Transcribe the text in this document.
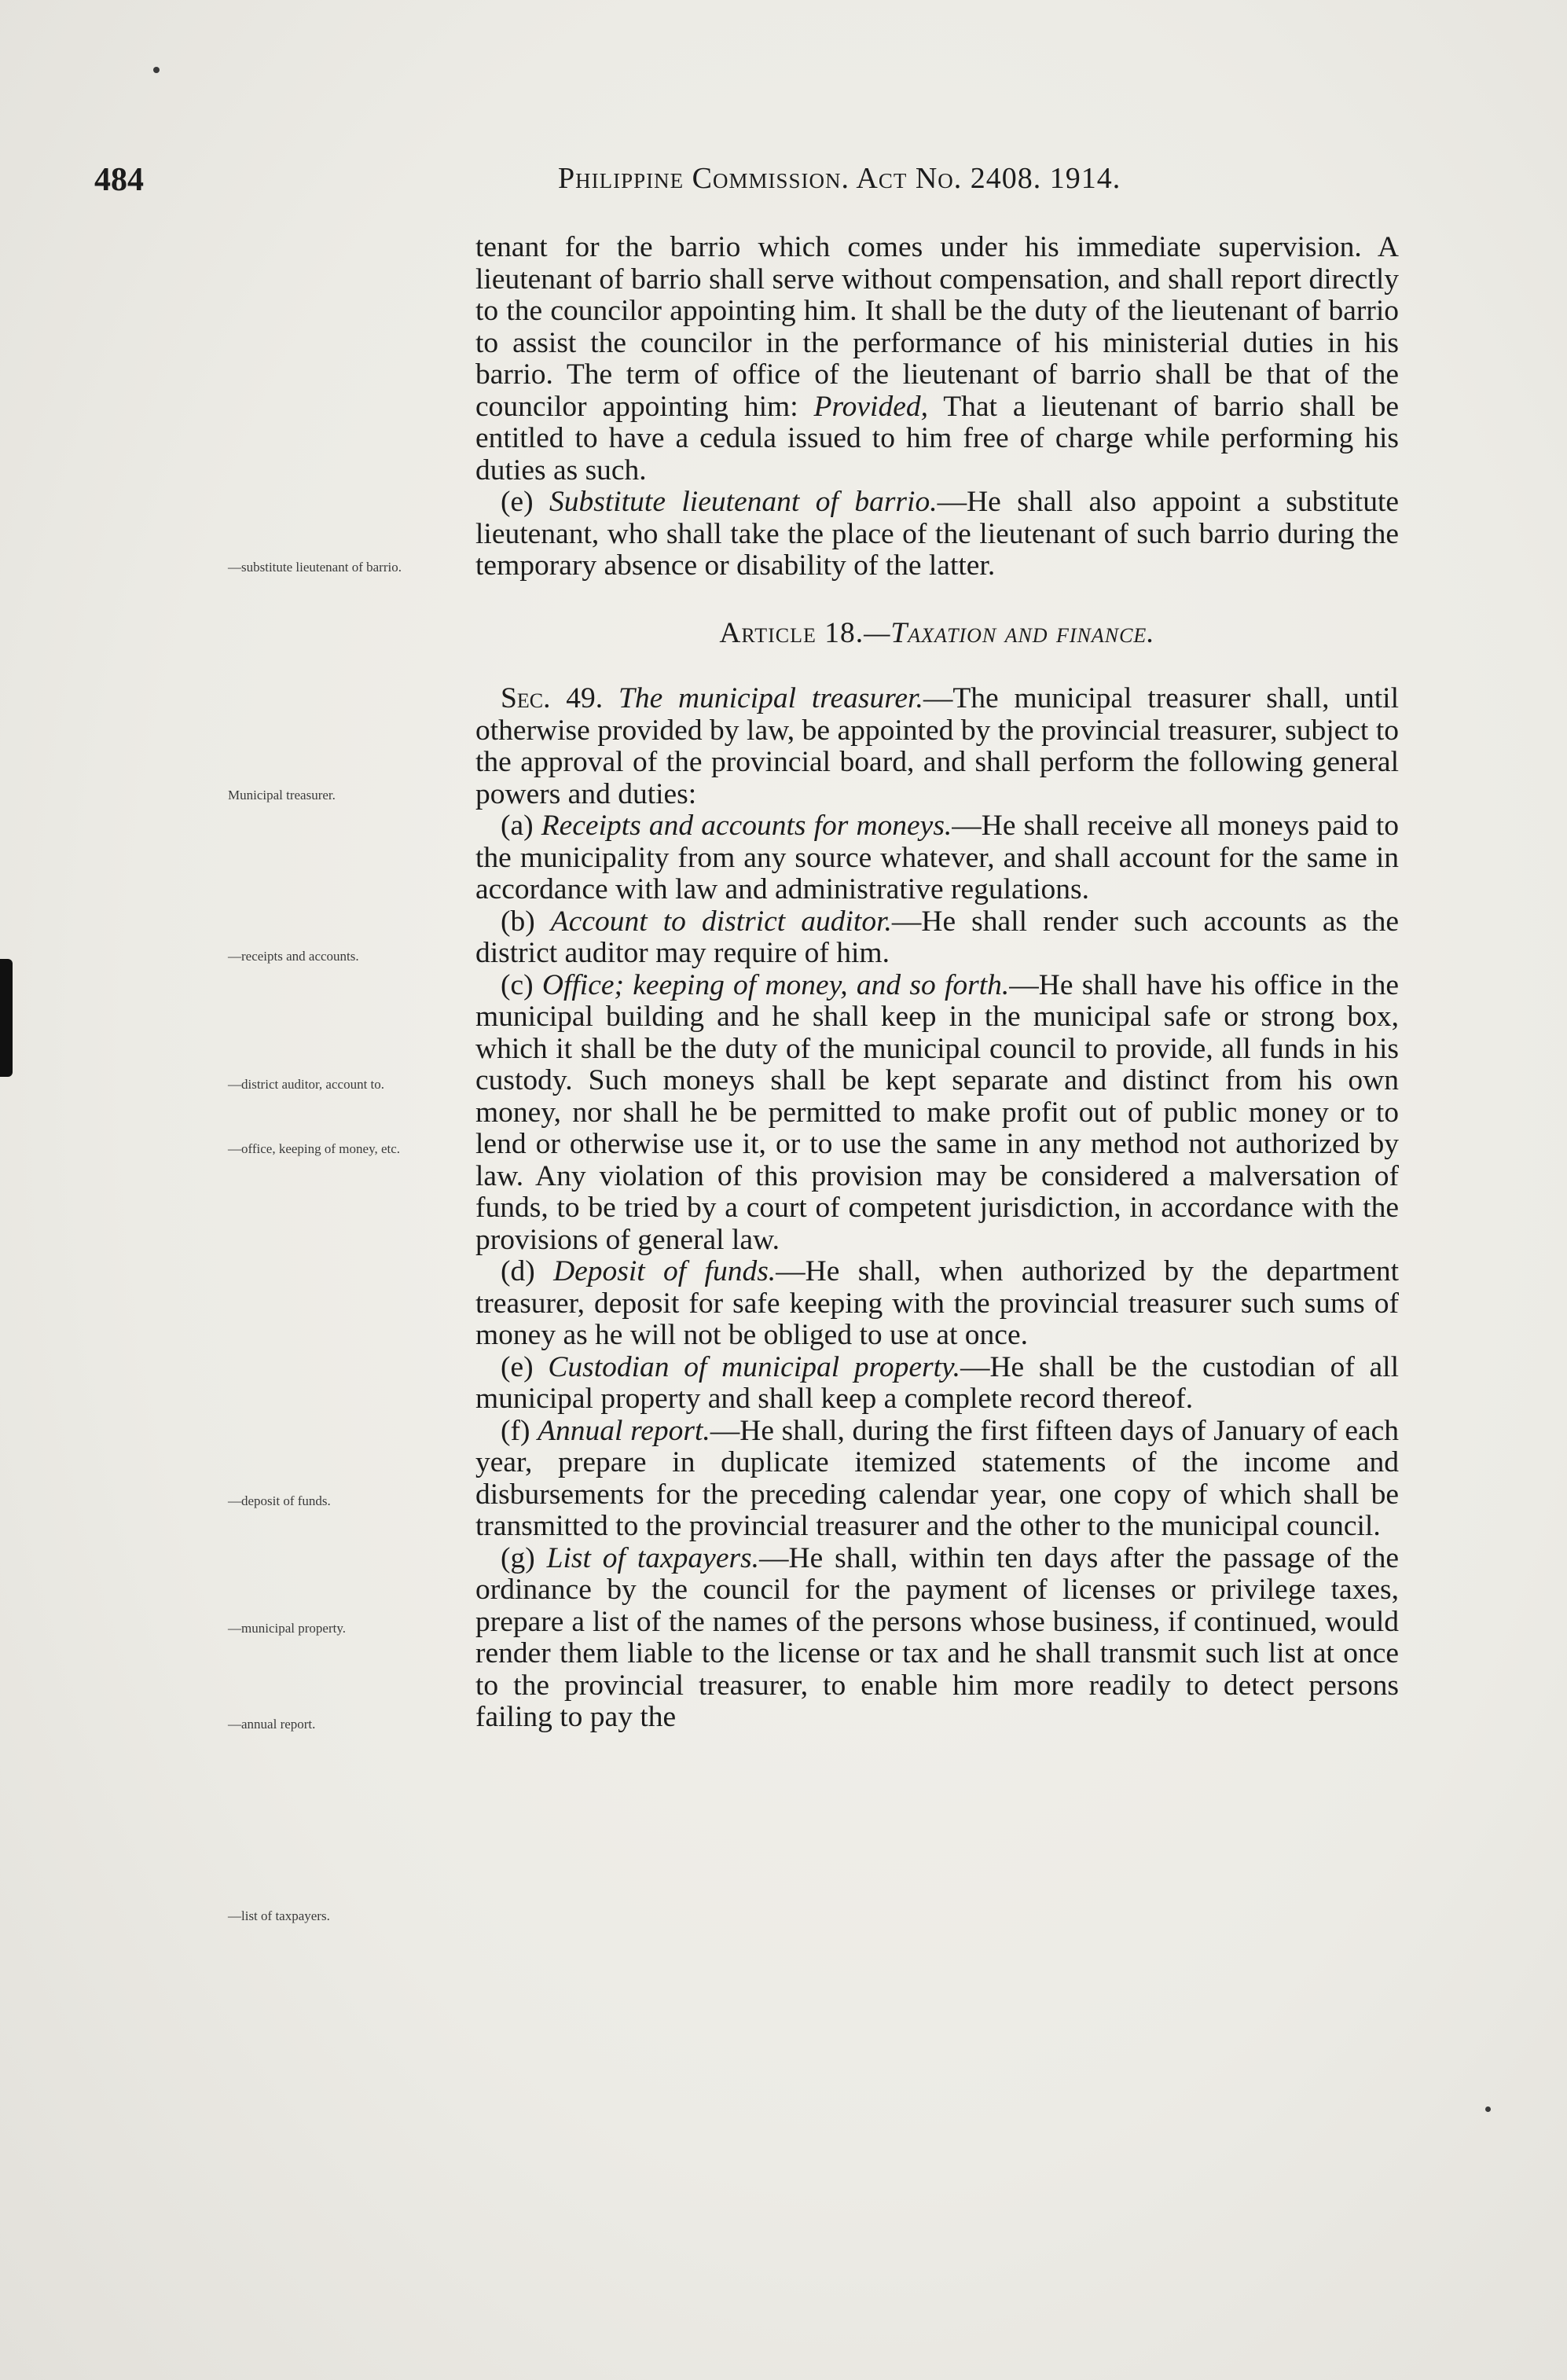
484	Philippine Commission. Act No. 2408. 1914.
—substitute lieutenant of barrio.
Municipal treasurer.
—receipts and accounts.
—district auditor, account to.
—office, keeping of money, etc.
—deposit of funds.
—municipal property.
—annual report.
—list of taxpayers.

tenant for the barrio which comes under his immediate supervision. A lieutenant of barrio shall serve without compensation, and shall report directly to the councilor appointing him. It shall be the duty of the lieutenant of barrio to assist the councilor in the performance of his ministerial duties in his barrio. The term of office of the lieutenant of barrio shall be that of the councilor appointing him: Provided, That a lieutenant of barrio shall be entitled to have a cedula issued to him free of charge while performing his duties as such.

(e) Substitute lieutenant of barrio.—He shall also appoint a substitute lieutenant, who shall take the place of the lieutenant of such barrio during the temporary absence or disability of the latter.

Article 18.—Taxation and finance.

Sec. 49. The municipal treasurer.—The municipal treasurer shall, until otherwise provided by law, be appointed by the provincial treasurer, subject to the approval of the provincial board, and shall perform the following general powers and duties:

(a) Receipts and accounts for moneys.—He shall receive all moneys paid to the municipality from any source whatever, and shall account for the same in accordance with law and administrative regulations.

(b) Account to district auditor.—He shall render such accounts as the district auditor may require of him.

(c) Office; keeping of money, and so forth.—He shall have his office in the municipal building and he shall keep in the municipal safe or strong box, which it shall be the duty of the municipal council to provide, all funds in his custody. Such moneys shall be kept separate and distinct from his own money, nor shall he be permitted to make profit out of public money or to lend or otherwise use it, or to use the same in any method not authorized by law. Any violation of this provision may be considered a malversation of funds, to be tried by a court of competent jurisdiction, in accordance with the provisions of general law.

(d) Deposit of funds.—He shall, when authorized by the department treasurer, deposit for safe keeping with the provincial treasurer such sums of money as he will not be obliged to use at once.

(e) Custodian of municipal property.—He shall be the custodian of all municipal property and shall keep a complete record thereof.

(f) Annual report.—He shall, during the first fifteen days of January of each year, prepare in duplicate itemized statements of the income and disbursements for the preceding calendar year, one copy of which shall be transmitted to the provincial treasurer and the other to the municipal council.

(g) List of taxpayers.—He shall, within ten days after the passage of the ordinance by the council for the payment of licenses or privilege taxes, prepare a list of the names of the persons whose business, if continued, would render them liable to the license or tax and he shall transmit such list at once to the provincial treasurer, to enable him more readily to detect persons failing to pay the
